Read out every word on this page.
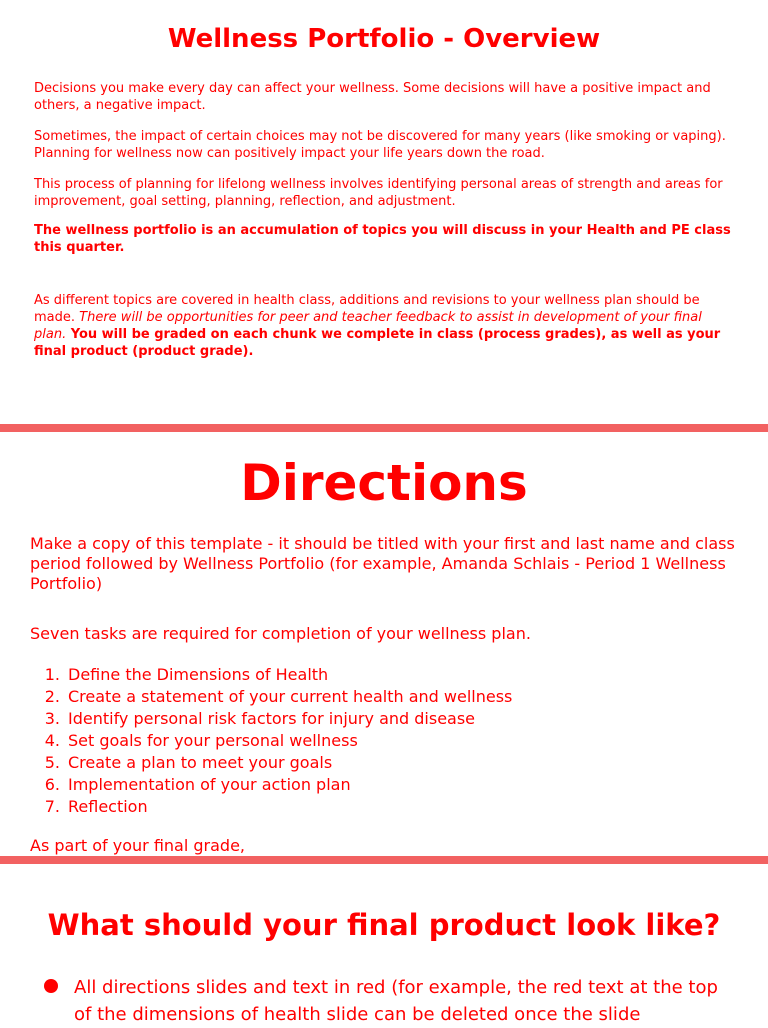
Wellness Portfolio - Overview

Decisions you make every day can affect your wellness. Some decisions will have a positive impact and others, a negative impact.

Sometimes, the impact of certain choices may not be discovered for many years (like smoking or vaping). Planning for wellness now can positively impact your life years down the road.

This process of planning for lifelong wellness involves identifying personal areas of strength and areas for improvement, goal setting, planning, reflection, and adjustment.

The wellness portfolio is an accumulation of topics you will discuss in your Health and PE class this quarter.

As different topics are covered in health class, additions and revisions to your wellness plan should be made. There will be opportunities for peer and teacher feedback to assist in development of your final plan. You will be graded on each chunk we complete in class (process grades), as well as your final product (product grade).

Directions

Make a copy of this template - it should be titled with your first and last name and class period followed by Wellness Portfolio (for example, Amanda Schlais - Period 1 Wellness Portfolio)

Seven tasks are required for completion of your wellness plan.

1. Define the Dimensions of Health
2. Create a statement of your current health and wellness
3. Identify personal risk factors for injury and disease
4. Set goals for your personal wellness
5. Create a plan to meet your goals
6. Implementation of your action plan
7. Reflection

As part of your final grade,

What should your final product look like?
All directions slides and text in red (for example, the red text at the top of the dimensions of health slide can be deleted once the slide
